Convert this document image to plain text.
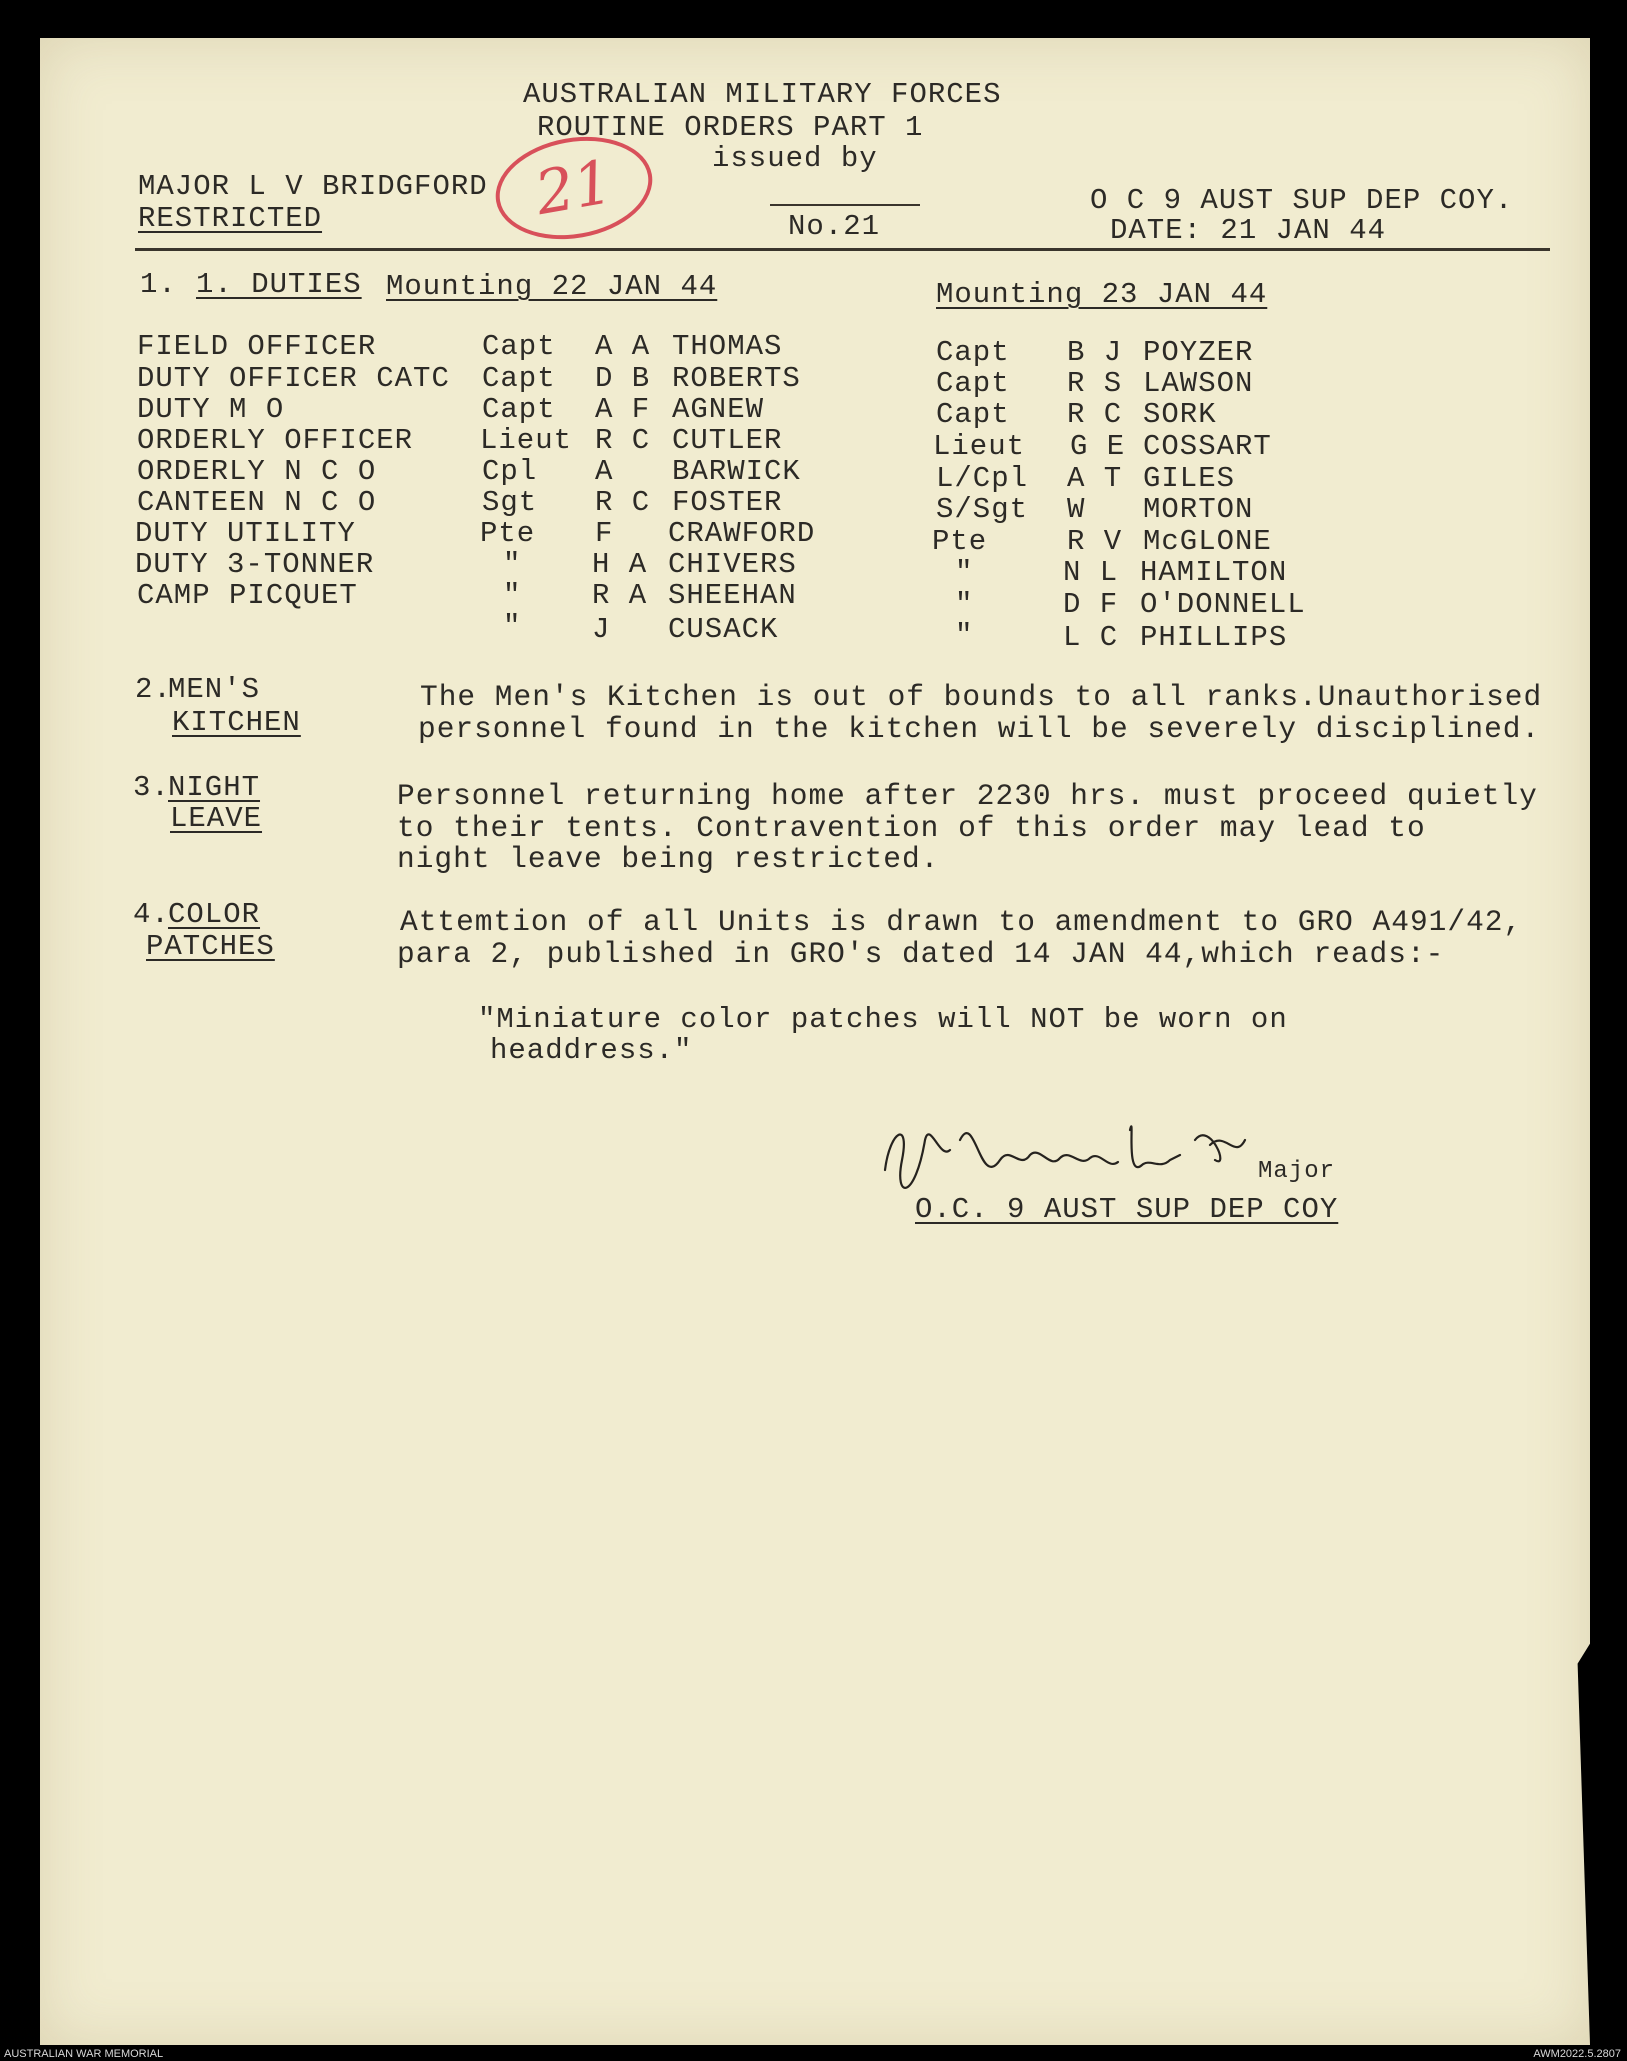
AUSTRALIAN MILITARY FORCES
ROUTINE ORDERS PART 1
issued by
MAJOR L V BRIDGFORD
RESTRICTED	No.21
O C 9 AUST SUP DEP COY.
DATE: 21 JAN 44
21
1. 1. DUTIES Mounting 22 JAN 44	Mounting 23 JAN 44
FIELD OFFICER	Capt A A THOMAS	Capt B J POYZER
DUTY OFFICER CATC Capt D B ROBERTS	Capt R S LAWSON
DUTY M O	Capt A F AGNEW	Capt R C SORK
ORDERLY OFFICER Lieut R C CUTLER	Lieut G E COSSART
ORDERLY N C O	Cpl A BARWICK	L/Cpl A T GILES
CANTEEN N C O	Sgt R C FOSTER	S/Sgt W MORTON
DUTY UTILITY	Pte F CRAWFORD	Pte	R V McGLONE
DUTY 3-TONNER	" H A CHIVERS	"	N L HAMILTON
CAMP PICQUET	" R A SHEEHAN	"	D F O'DONNELL
" J CUSACK	"	L C PHILLIPS
2.
MEN'S
KITCHEN
The Men's Kitchen is out of bounds to all ranks.Unauthorised
personnel found in the kitchen will be severely disciplined.
3.
NIGHT
LEAVE
Personnel returning home after 2230 hrs. must proceed quietly
to their tents. Contravention of this order may lead to
night leave being restricted.
4.
COLOR
PATCHES
Attemtion of all Units is drawn to amendment to GRO A491/42,
para 2, published in GRO's dated 14 JAN 44,which reads:-
"Miniature color patches will NOT be worn on
headdress."
Major
O.C. 9 AUST SUP DEP COY
AUSTRALIAN WAR MEMORIAL	AWM2022.5.2807
